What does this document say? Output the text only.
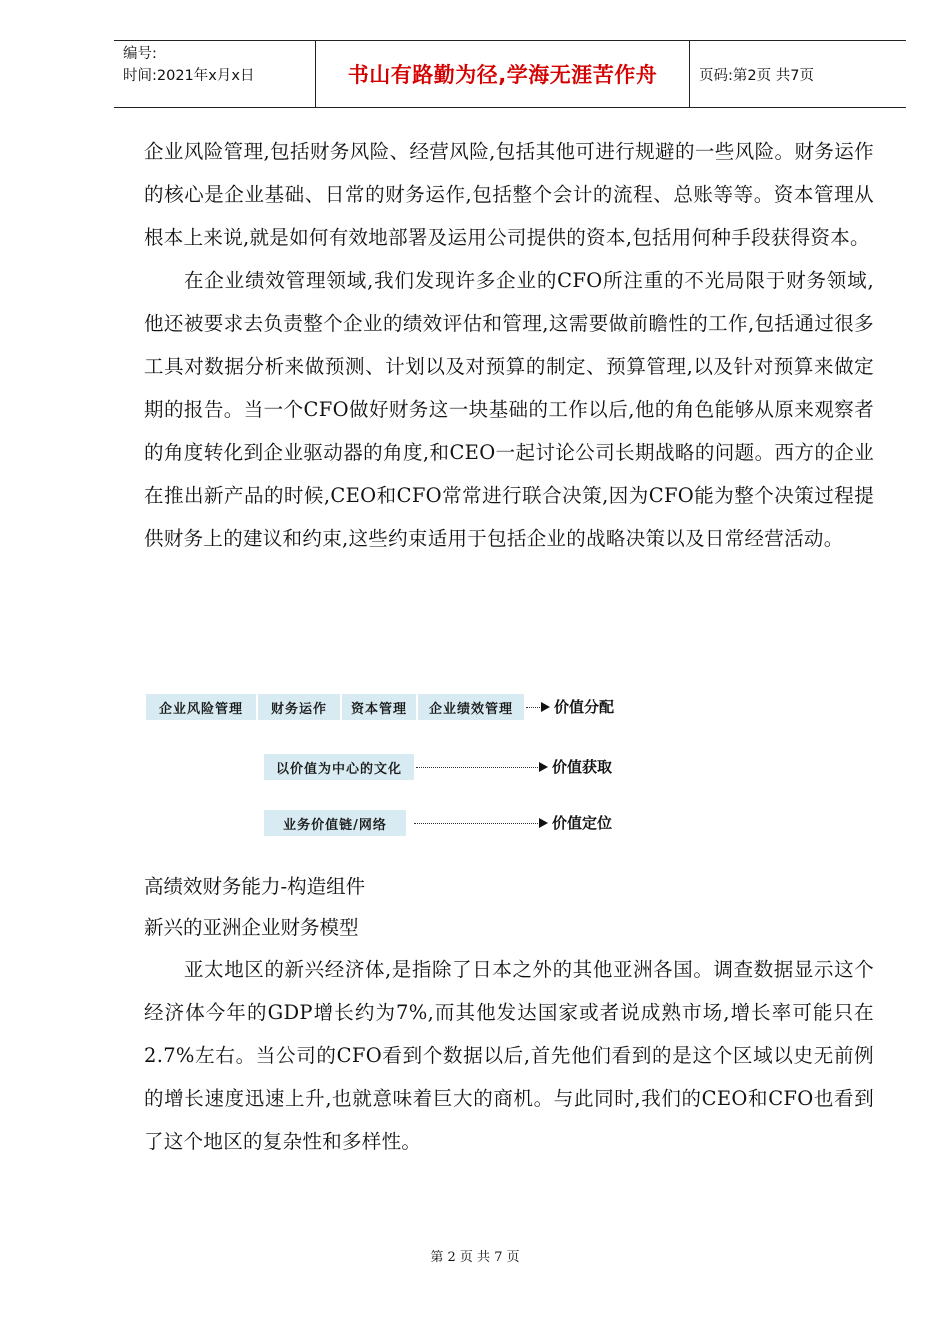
编号:
时间:2021年x月x日	书山有路勤为径,学海无涯苦作舟	页码:第2页 共7页

企业风险管理,包括财务风险、经营风险,包括其他可进行规避的一些风险。财务运作的核心是企业基础、日常的财务运作,包括整个会计的流程、总账等等。资本管理从根本上来说,就是如何有效地部署及运用公司提供的资本,包括用何种手段获得资本。

在企业绩效管理领域,我们发现许多企业的CFO所注重的不光局限于财务领域,他还被要求去负责整个企业的绩效评估和管理,这需要做前瞻性的工作,包括通过很多工具对数据分析来做预测、计划以及对预算的制定、预算管理,以及针对预算来做定期的报告。当一个CFO做好财务这一块基础的工作以后,他的角色能够从原来观察者的角度转化到企业驱动器的角度,和CEO一起讨论公司长期战略的问题。西方的企业在推出新产品的时候,CEO和CFO常常进行联合决策,因为CFO能为整个决策过程提供财务上的建议和约束,这些约束适用于包括企业的战略决策以及日常经营活动。

企业风险管理	财务运作	资本管理	企业绩效管理	价值分配
以价值为中心的文化	价值获取
业务价值链/网络	价值定位

高绩效财务能力-构造组件

新兴的亚洲企业财务模型

亚太地区的新兴经济体,是指除了日本之外的其他亚洲各国。调查数据显示这个经济体今年的GDP增长约为7%,而其他发达国家或者说成熟市场,增长率可能只在2.7%左右。当公司的CFO看到个数据以后,首先他们看到的是这个区域以史无前例的增长速度迅速上升,也就意味着巨大的商机。与此同时,我们的CEO和CFO也看到了这个地区的复杂性和多样性。

第 2 页 共 7 页
